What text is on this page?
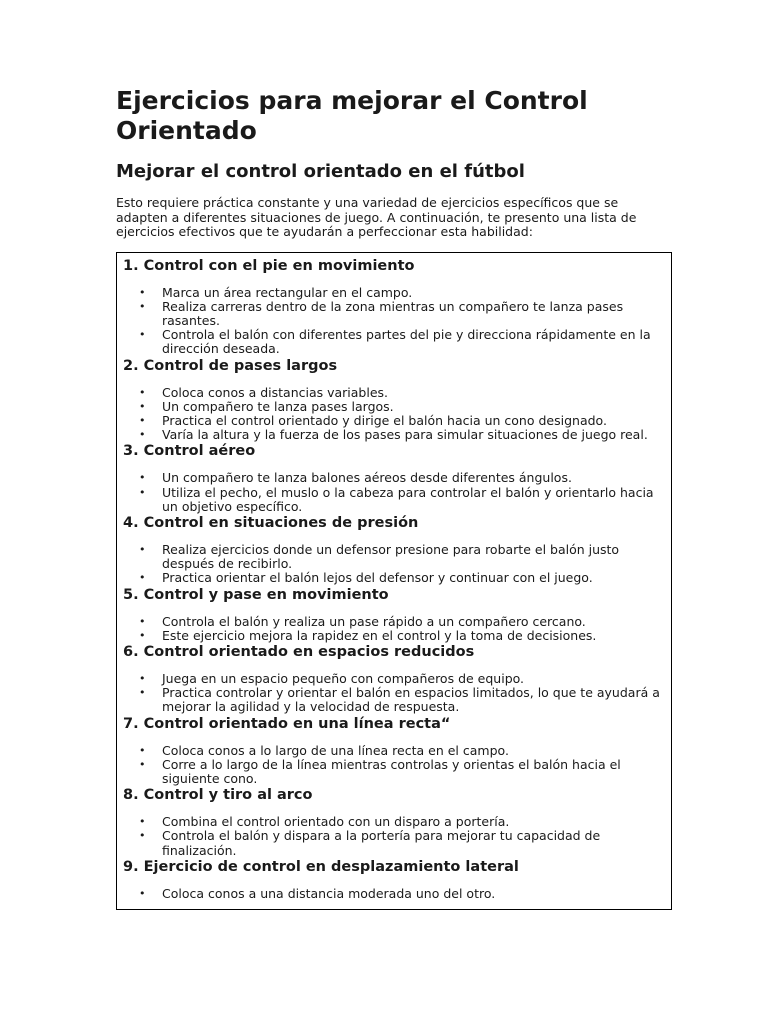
Ejercicios para mejorar el Control Orientado
Mejorar el control orientado en el fútbol

Esto requiere práctica constante y una variedad de ejercicios específicos que se adapten a diferentes situaciones de juego. A continuación, te presento una lista de ejercicios efectivos que te ayudarán a perfeccionar esta habilidad:

1. Control con el pie en movimiento
• Marca un área rectangular en el campo.
• Realiza carreras dentro de la zona mientras un compañero te lanza pases rasantes.
• Controla el balón con diferentes partes del pie y direcciona rápidamente en la dirección deseada.
2. Control de pases largos
• Coloca conos a distancias variables.
• Un compañero te lanza pases largos.
• Practica el control orientado y dirige el balón hacia un cono designado.
• Varía la altura y la fuerza de los pases para simular situaciones de juego real.
3. Control aéreo
• Un compañero te lanza balones aéreos desde diferentes ángulos.
• Utiliza el pecho, el muslo o la cabeza para controlar el balón y orientarlo hacia un objetivo específico.
4. Control en situaciones de presión
• Realiza ejercicios donde un defensor presione para robarte el balón justo después de recibirlo.
• Practica orientar el balón lejos del defensor y continuar con el juego.
5. Control y pase en movimiento
• Controla el balón y realiza un pase rápido a un compañero cercano.
• Este ejercicio mejora la rapidez en el control y la toma de decisiones.
6. Control orientado en espacios reducidos
• Juega en un espacio pequeño con compañeros de equipo.
• Practica controlar y orientar el balón en espacios limitados, lo que te ayudará a mejorar la agilidad y la velocidad de respuesta.
7. Control orientado en una línea recta“
• Coloca conos a lo largo de una línea recta en el campo.
• Corre a lo largo de la línea mientras controlas y orientas el balón hacia el siguiente cono.
8. Control y tiro al arco
• Combina el control orientado con un disparo a portería.
• Controla el balón y dispara a la portería para mejorar tu capacidad de finalización.
9. Ejercicio de control en desplazamiento lateral
• Coloca conos a una distancia moderada uno del otro.
